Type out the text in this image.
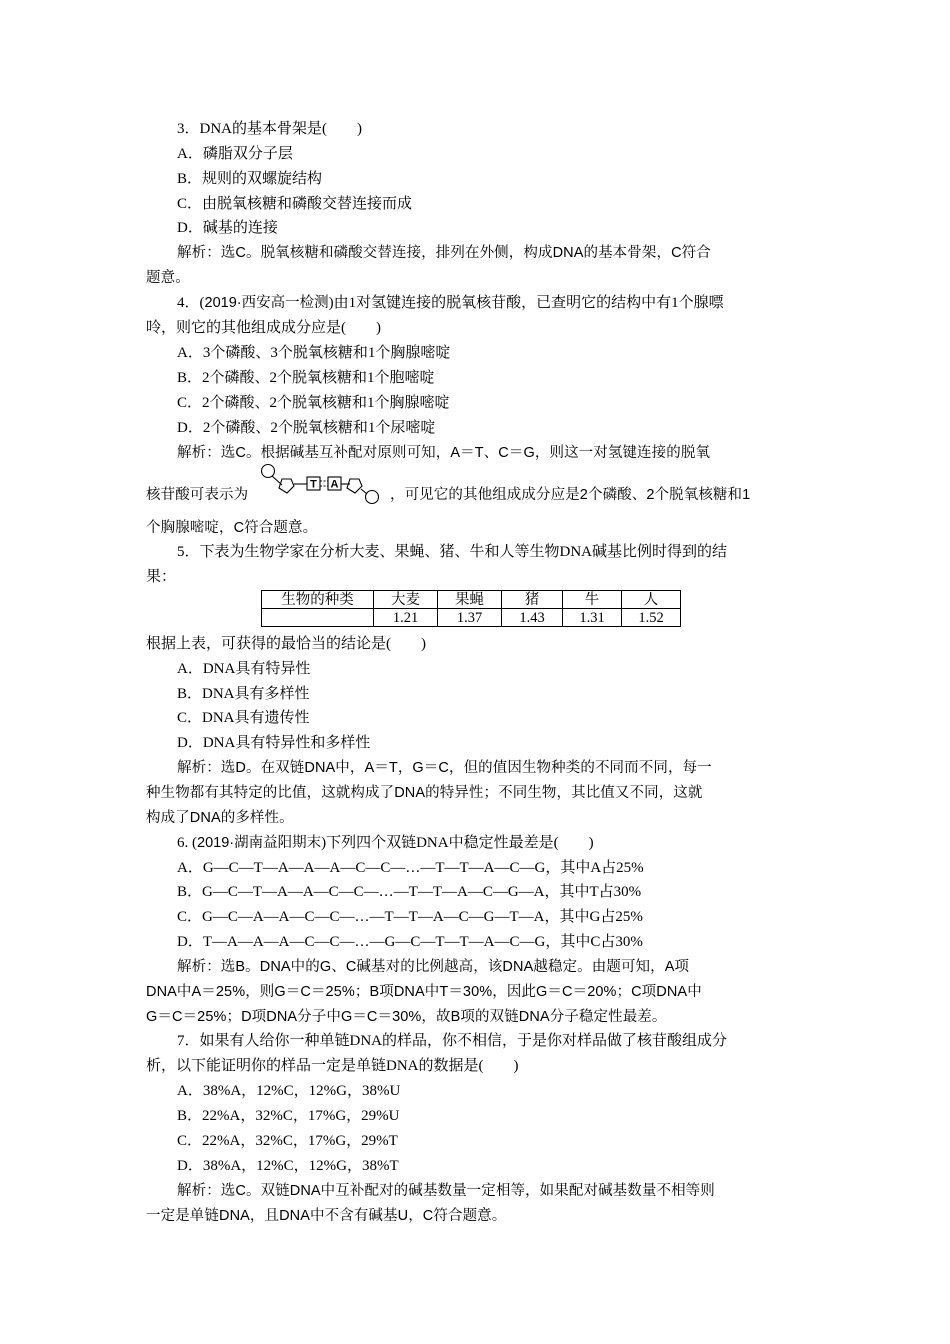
3．DNA的基本骨架是(　　)
A．磷脂双分子层
B．规则的双螺旋结构
C．由脱氧核糖和磷酸交替连接而成
D．碱基的连接
解析：选C。脱氧核糖和磷酸交替连接，排列在外侧，构成DNA的基本骨架，C符合
题意。
4．(2019·西安高一检测)由1对氢键连接的脱氧核苷酸，已查明它的结构中有1个腺嘌
呤，则它的其他组成成分应是(　　)
A．3个磷酸、3个脱氧核糖和1个胸腺嘧啶
B．2个磷酸、2个脱氧核糖和1个胞嘧啶
C．2个磷酸、2个脱氧核糖和1个胸腺嘧啶
D．2个磷酸、2个脱氧核糖和1个尿嘧啶
解析：选C。根据碱基互补配对原则可知，A＝T、C＝G，则这一对氢键连接的脱氧
核苷酸可表示为
T A
，可见它的其他组成成分应是2个磷酸、2个脱氧核糖和1
个胸腺嘧啶，C符合题意。
5．下表为生物学家在分析大麦、果蝇、猪、牛和人等生物DNA碱基比例时得到的结
果：
生物的种类	大麦	果蝇	猪	牛	人
	1.21	1.37	1.43	1.31	1.52
根据上表，可获得的最恰当的结论是(　　)
A．DNA具有特异性
B．DNA具有多样性
C．DNA具有遗传性
D．DNA具有特异性和多样性
解析：选D。在双链DNA中，A＝T，G＝C，但的值因生物种类的不同而不同，每一
种生物都有其特定的比值，这就构成了DNA的特异性；不同生物，其比值又不同，这就
构成了DNA的多样性。
6. (2019·湖南益阳期末)下列四个双链DNA中稳定性最差是(　　)
A．G—C—T—A—A—A—C—C—…—T—T—A—C—G，其中A占25%
B．G—C—T—A—A—C—C—…—T—T—A—C—G—A，其中T占30%
C．G—C—A—A—C—C—…—T—T—A—C—G—T—A，其中G占25%
D．T—A—A—A—C—C—…—G—C—T—T—A—C—G，其中C占30%
解析：选B。DNA中的G、C碱基对的比例越高，该DNA越稳定。由题可知，A项
DNA中A＝25%，则G＝C＝25%；B项DNA中T＝30%，因此G＝C＝20%；C项DNA中
G＝C＝25%；D项DNA分子中G＝C＝30%，故B项的双链DNA分子稳定性最差。
7．如果有人给你一种单链DNA的样品，你不相信，于是你对样品做了核苷酸组成分
析，以下能证明你的样品一定是单链DNA的数据是(　　)
A．38%A，12%C，12%G，38%U
B．22%A，32%C，17%G，29%U
C．22%A，32%C，17%G，29%T
D．38%A，12%C，12%G，38%T
解析：选C。双链DNA中互补配对的碱基数量一定相等，如果配对碱基数量不相等则
一定是单链DNA，且DNA中不含有碱基U，C符合题意。
